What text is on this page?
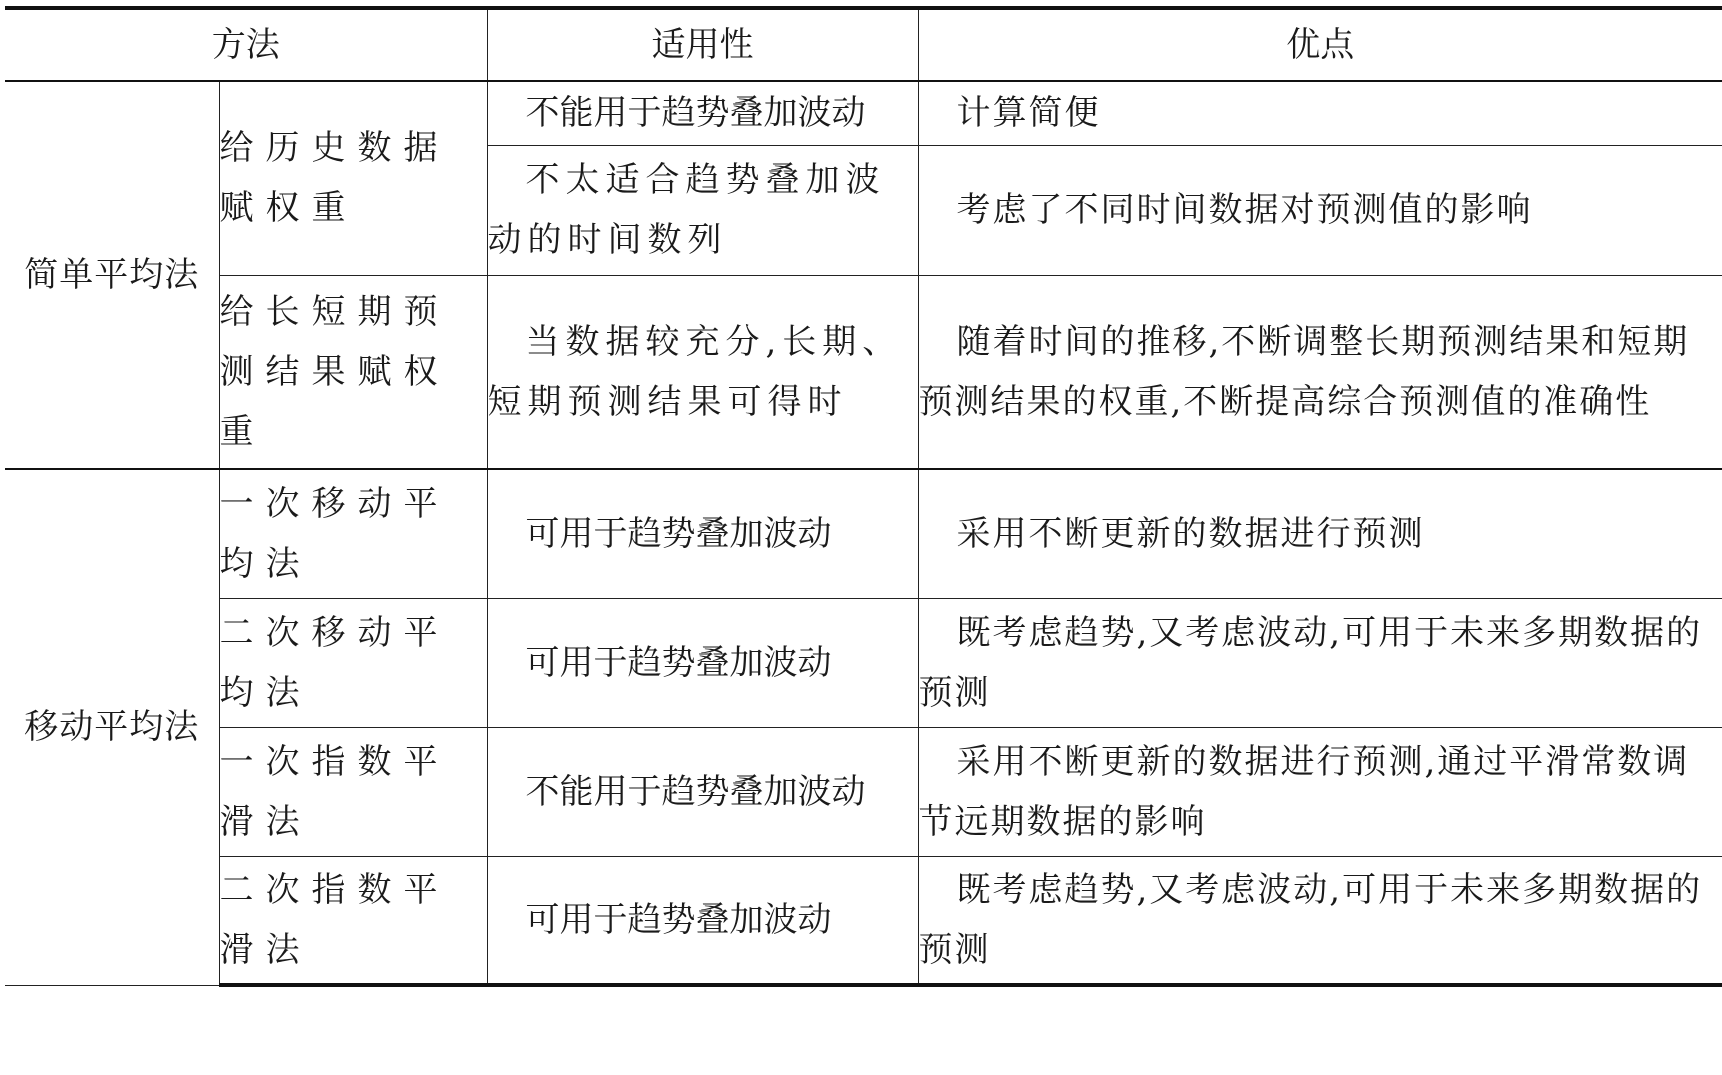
方法		适用性	优点
简单平均法	给历史数据赋权重	不能用于趋势叠加波动	计算简便
		不太适合趋势叠加波动的时间数列	考虑了不同时间数据对预测值的影响
	给长短期预测结果赋权重	当数据较充分,长期、短期预测结果可得时	随着时间的推移,不断调整长期预测结果和短期预测结果的权重,不断提高综合预测值的准确性
移动平均法	一次移动平均法	可用于趋势叠加波动	采用不断更新的数据进行预测
	二次移动平均法	可用于趋势叠加波动	既考虑趋势,又考虑波动,可用于未来多期数据的预测
	一次指数平滑法	不能用于趋势叠加波动	采用不断更新的数据进行预测,通过平滑常数调节远期数据的影响
	二次指数平滑法	可用于趋势叠加波动	既考虑趋势,又考虑波动,可用于未来多期数据的预测
